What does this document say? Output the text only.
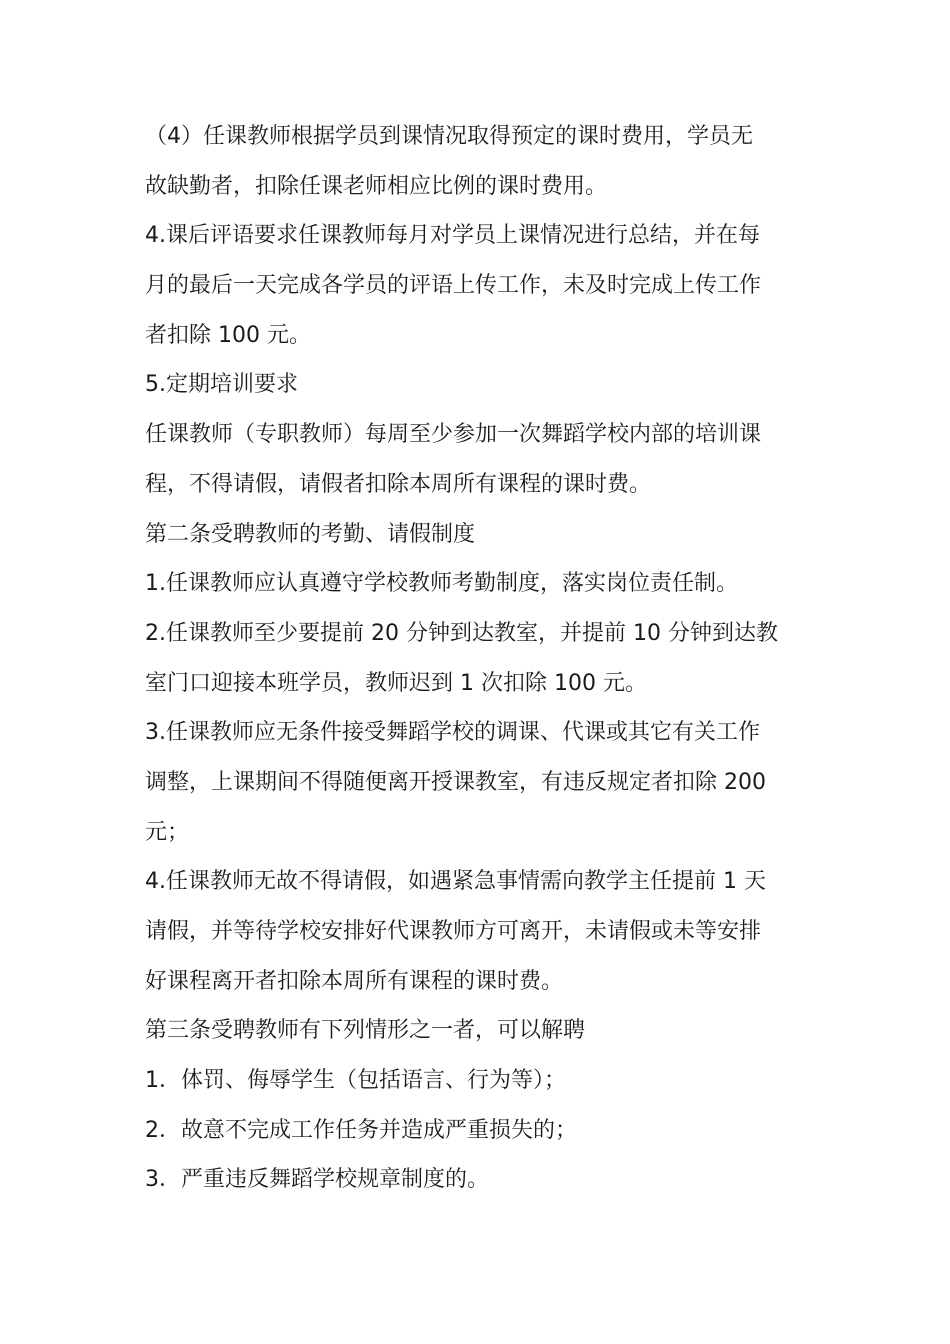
（4）任课教师根据学员到课情况取得预定的课时费用，学员无
故缺勤者，扣除任课老师相应比例的课时费用。

4.课后评语要求任课教师每月对学员上课情况进行总结，并在每
月的最后一天完成各学员的评语上传工作，未及时完成上传工作
者扣除 100 元。

5.定期培训要求

任课教师（专职教师）每周至少参加一次舞蹈学校内部的培训课
程，不得请假，请假者扣除本周所有课程的课时费。

第二条受聘教师的考勤、请假制度

1.任课教师应认真遵守学校教师考勤制度，落实岗位责任制。

2.任课教师至少要提前 20 分钟到达教室，并提前 10 分钟到达教
室门口迎接本班学员，教师迟到 1 次扣除 100 元。

3.任课教师应无条件接受舞蹈学校的调课、代课或其它有关工作
调整，上课期间不得随便离开授课教室，有违反规定者扣除 200
元；

4.任课教师无故不得请假，如遇紧急事情需向教学主任提前 1 天
请假，并等待学校安排好代课教师方可离开，未请假或未等安排
好课程离开者扣除本周所有课程的课时费。

第三条受聘教师有下列情形之一者，可以解聘

1．体罚、侮辱学生（包括语言、行为等）；

2．故意不完成工作任务并造成严重损失的；

3．严重违反舞蹈学校规章制度的。
